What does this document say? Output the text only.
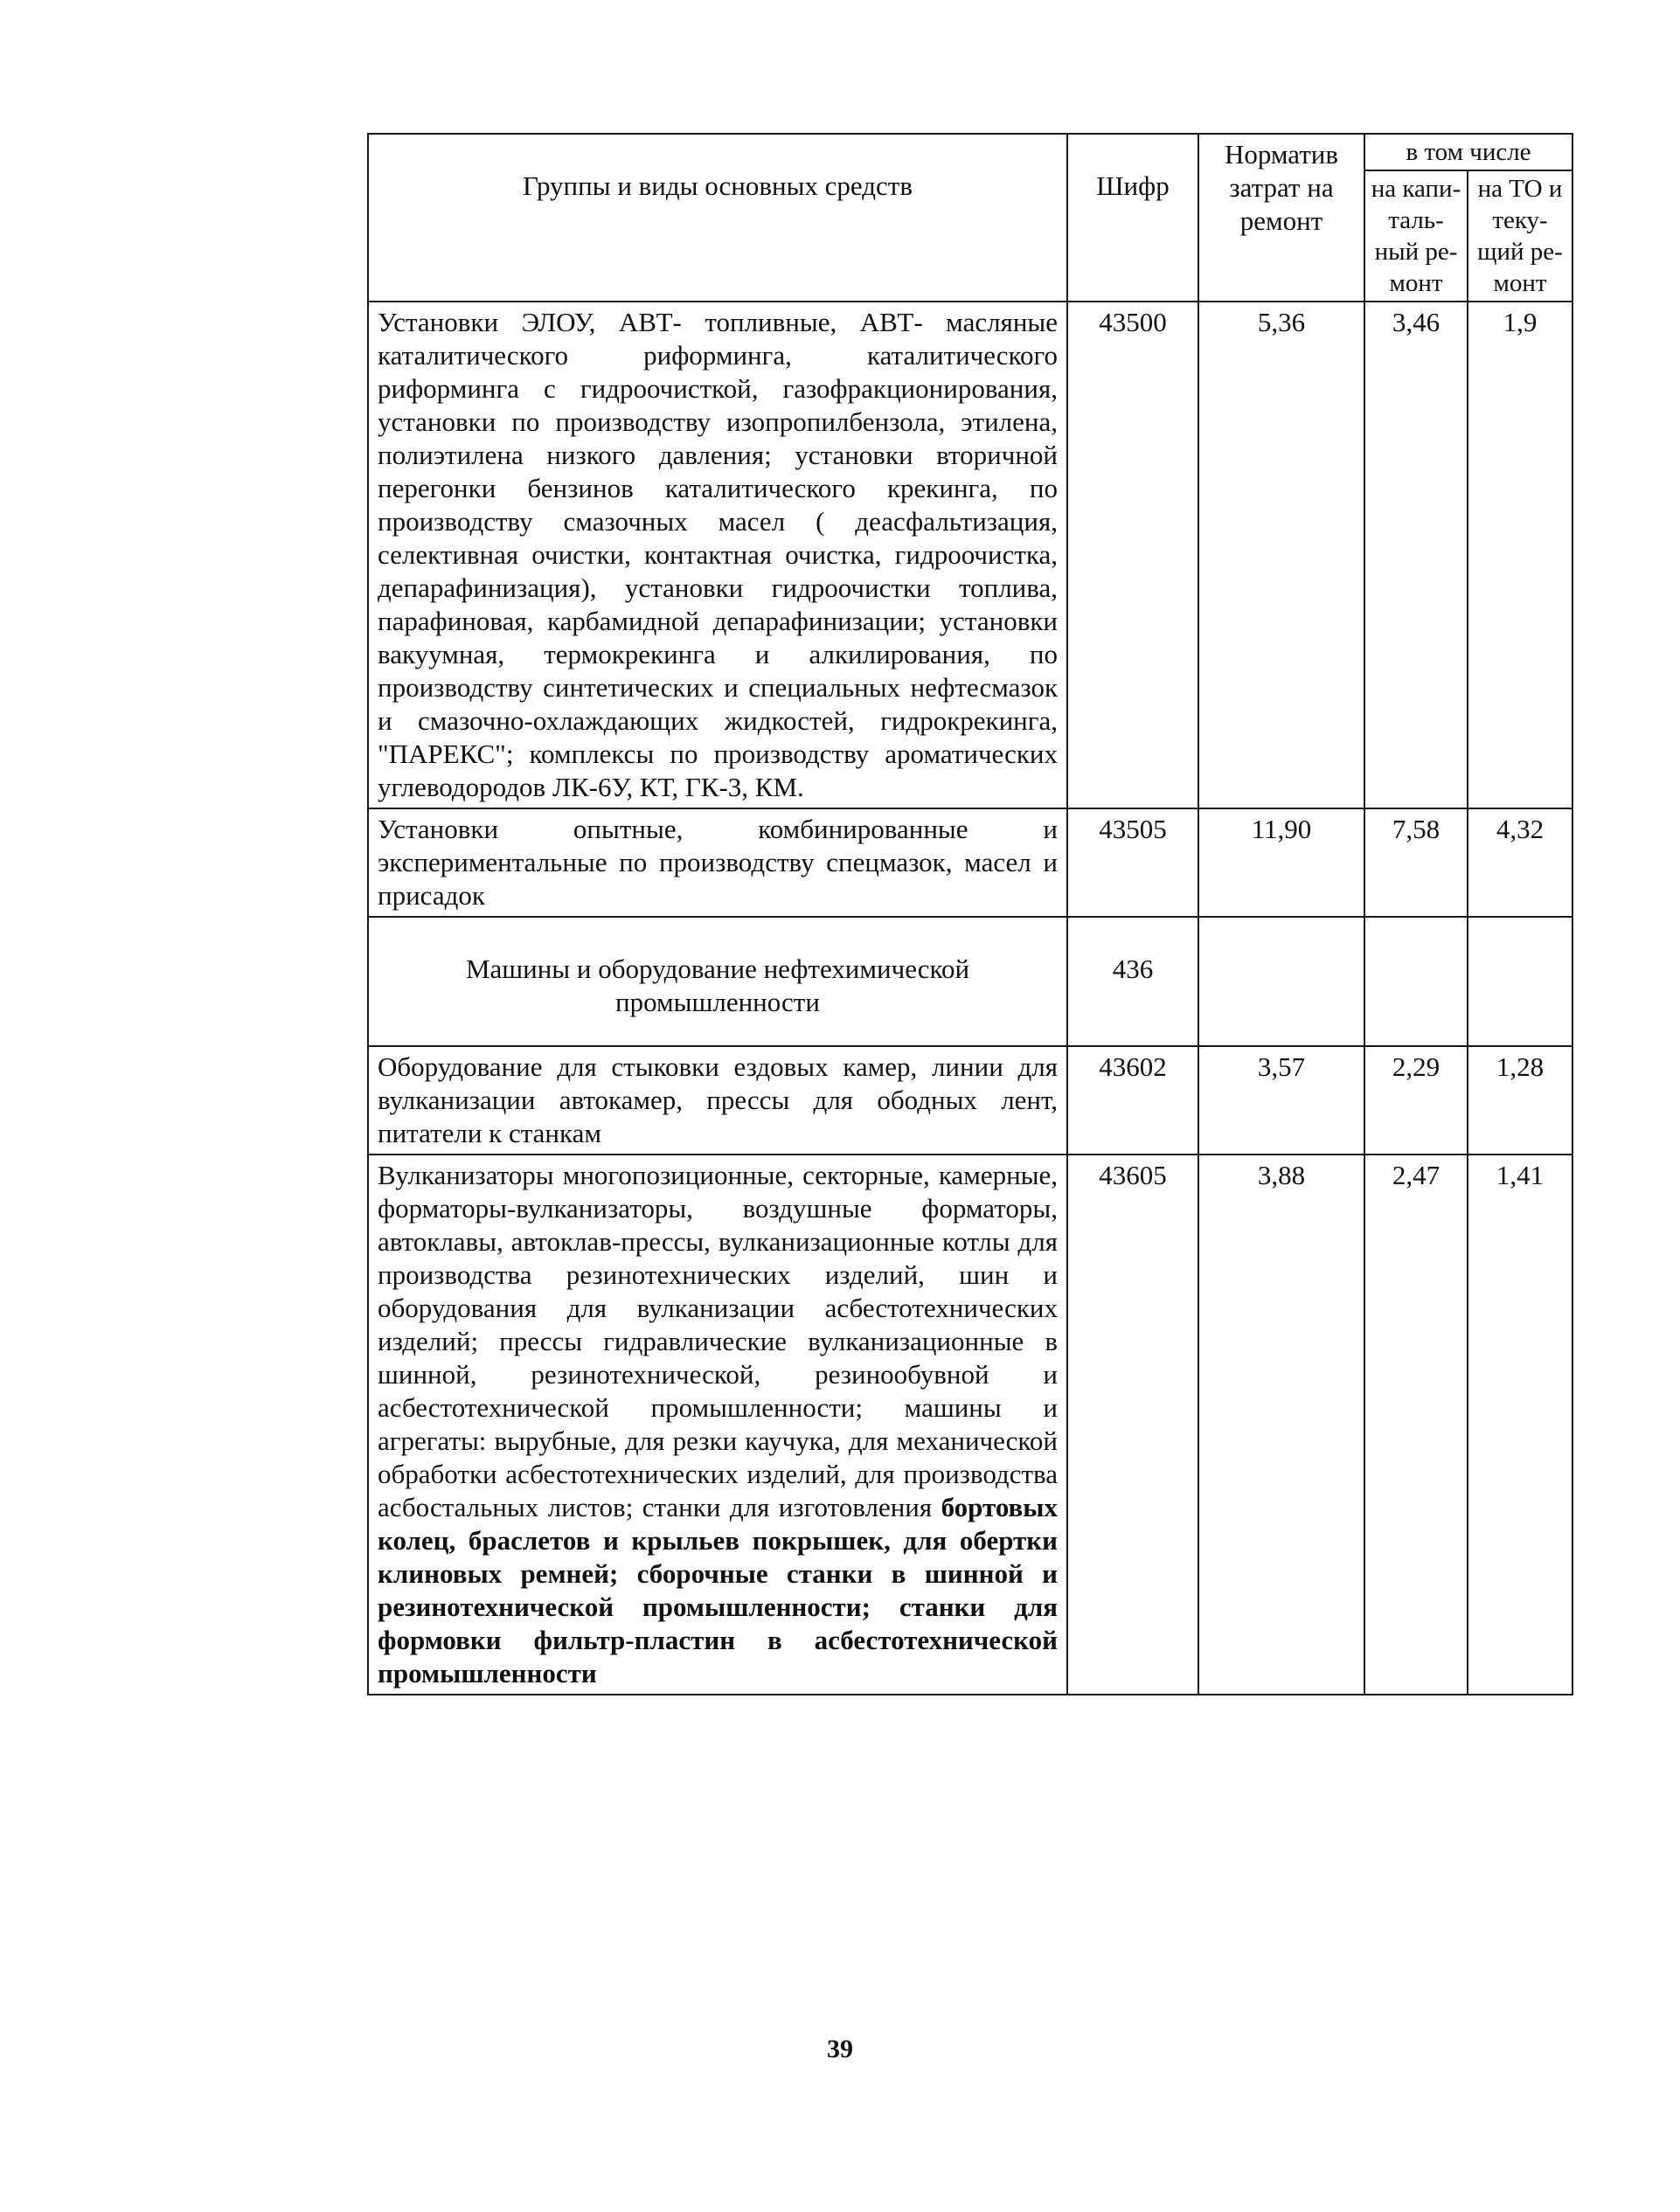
Группы и виды основных средств	Шифр	Норматив затрат на ремонт	в том числе	
			на капи-таль-ный ре-монт	на ТО и теку-щий ре-монт
Установки ЭЛОУ, АВТ- топливные, АВТ- масляные каталитического риформинга, каталитического риформинга с гидроочисткой, газофракционирования, установки по производству изопропилбензола, этилена, полиэтилена низкого давления; установки вторичной перегонки бензинов каталитического крекинга, по производству смазочных масел ( деасфальтизация, селективная очистки, контактная очистка, гидроочистка, депарафинизация), установки гидроочистки топлива, парафиновая, карбамидной депарафинизации; установки вакуумная, термокрекинга и алкилирования, по производству синтетических и специальных нефтесмазок и смазочно-охлаждающих жидкостей, гидрокрекинга, "ПАРЕКС"; комплексы по производству ароматических углеводородов ЛК-6У, КТ, ГК-3, КМ.	43500	5,36	3,46	1,9
Установки опытные, комбинированные и экспериментальные по производству спецмазок, масел и присадок	43505	11,90	7,58	4,32
Машины и оборудование нефтехимической промышленности	436			
Оборудование для стыковки ездовых камер, линии для вулканизации автокамер, прессы для ободных лент, питатели к станкам	43602	3,57	2,29	1,28
Вулканизаторы многопозиционные, секторные, камерные, форматоры-вулканизаторы, воздушные форматоры, автоклавы, автоклав-прессы, вулканизационные котлы для производства резинотехнических изделий, шин и оборудования для вулканизации асбестотехнических изделий; прессы гидравлические вулканизационные в шинной, резинотехнической, резинообувной и асбестотехнической промышленности; машины и агрегаты: вырубные, для резки каучука, для механической обработки асбестотехнических изделий, для производства асбостальных листов; станки для изготовления бортовых колец, браслетов и крыльев покрышек, для обертки клиновых ремней; сборочные станки в шинной и резинотехнической промышленности; станки для формовки фильтр-пластин в асбестотехнической промышленности	43605	3,88	2,47	1,41
39
